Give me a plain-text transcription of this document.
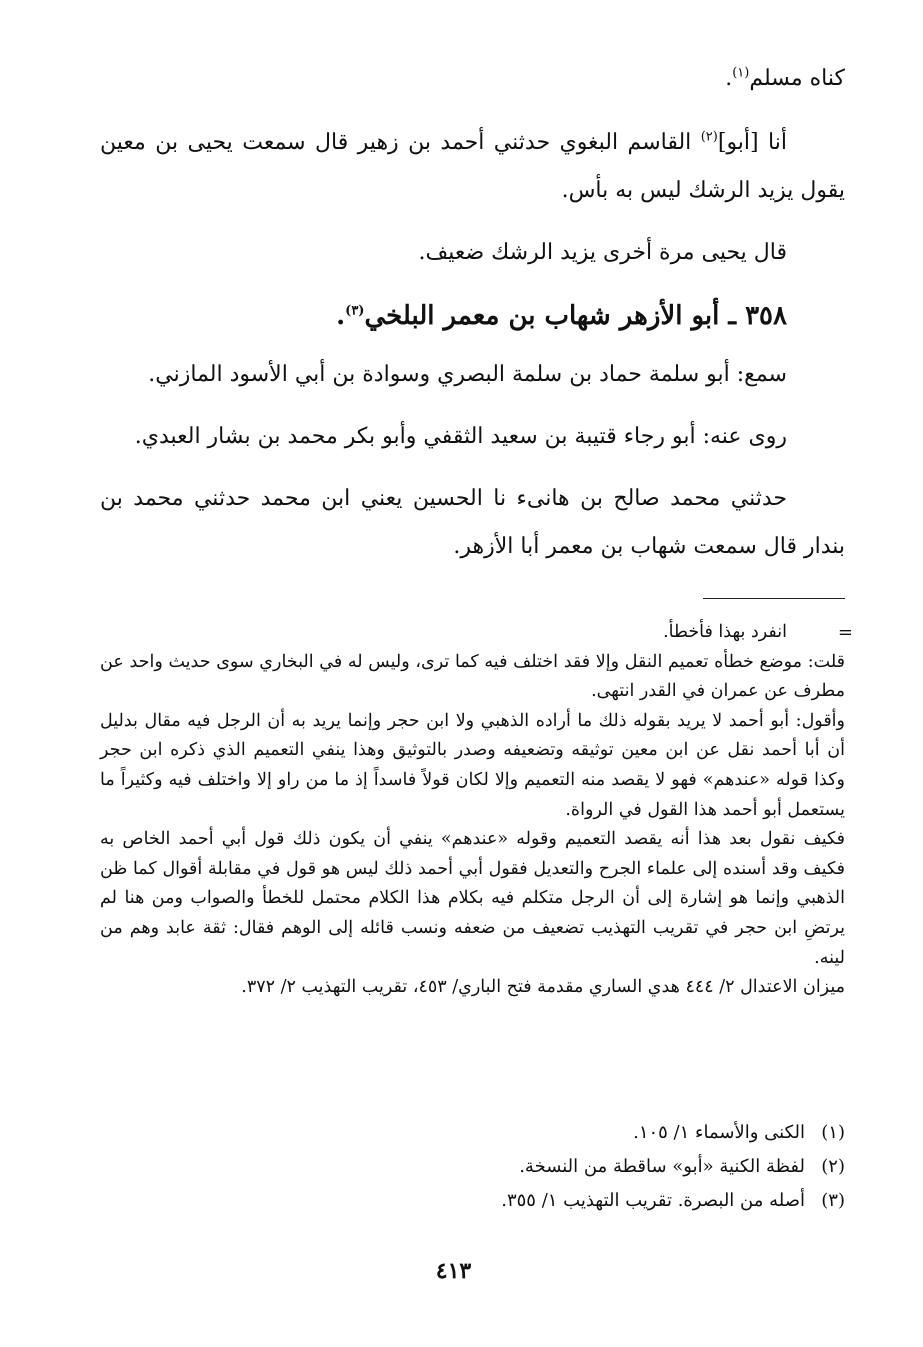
كناه مسلم$^{(١)}$.

أنا [أبو]$^{(٢)}$ القاسم البغوي حدثني أحمد بن زهير قال سمعت يحيى بن معين يقول يزيد الرشك ليس به بأس.

قال يحيى مرة أخرى يزيد الرشك ضعيف.

٣٥٨ ـ أبو الأزهر شهاب بن معمر البلخي$^{(٣)}$.

سمع: أبو سلمة حماد بن سلمة البصري وسوادة بن أبي الأسود المازني.

روى عنه: أبو رجاء قتيبة بن سعيد الثقفي وأبو بكر محمد بن بشار العبدي.

حدثني محمد صالح بن هانىء نا الحسين يعني ابن محمد حدثني محمد بن بندار قال سمعت شهاب بن معمر أبا الأزهر.

=

انفرد بهذا فأخطأ.

قلت: موضع خطأه تعميم النقل وإلا فقد اختلف فيه كما ترى، وليس له في البخاري سوى حديث واحد عن مطرف عن عمران في القدر انتهى.

وأقول: أبو أحمد لا يريد بقوله ذلك ما أراده الذهبي ولا ابن حجر وإنما يريد به أن الرجل فيه مقال بدليل أن أبا أحمد نقل عن ابن معين توثيقه وتضعيفه وصدر بالتوثيق وهذا ينفي التعميم الذي ذكره ابن حجر وكذا قوله «عندهم» فهو لا يقصد منه التعميم وإلا لكان قولاً فاسداً إذ ما من راو إلا واختلف فيه وكثيراً ما يستعمل أبو أحمد هذا القول في الرواة.

فكيف نقول بعد هذا أنه يقصد التعميم وقوله «عندهم» ينفي أن يكون ذلك قول أبي أحمد الخاص به فكيف وقد أسنده إلى علماء الجرح والتعديل فقول أبي أحمد ذلك ليس هو قول في مقابلة أقوال كما ظن الذهبي وإنما هو إشارة إلى أن الرجل متكلم فيه بكلام هذا الكلام محتمل للخطأ والصواب ومن هنا لم يرتضِ ابن حجر في تقريب التهذيب تضعيف من ضعفه ونسب قائله إلى الوهم فقال: ثقة عابد وهم من لينه.

ميزان الاعتدال ٢/ ٤٤٤ هدي الساري مقدمة فتح الباري/ ٤٥٣، تقريب التهذيب ٢/ ٣٧٢.

(١)الكنى والأسماء ١/ ١٠٥.

(٢)لفظة الكنية «أبو» ساقطة من النسخة.

(٣)أصله من البصرة. تقريب التهذيب ١/ ٣٥٥.

٤١٣
